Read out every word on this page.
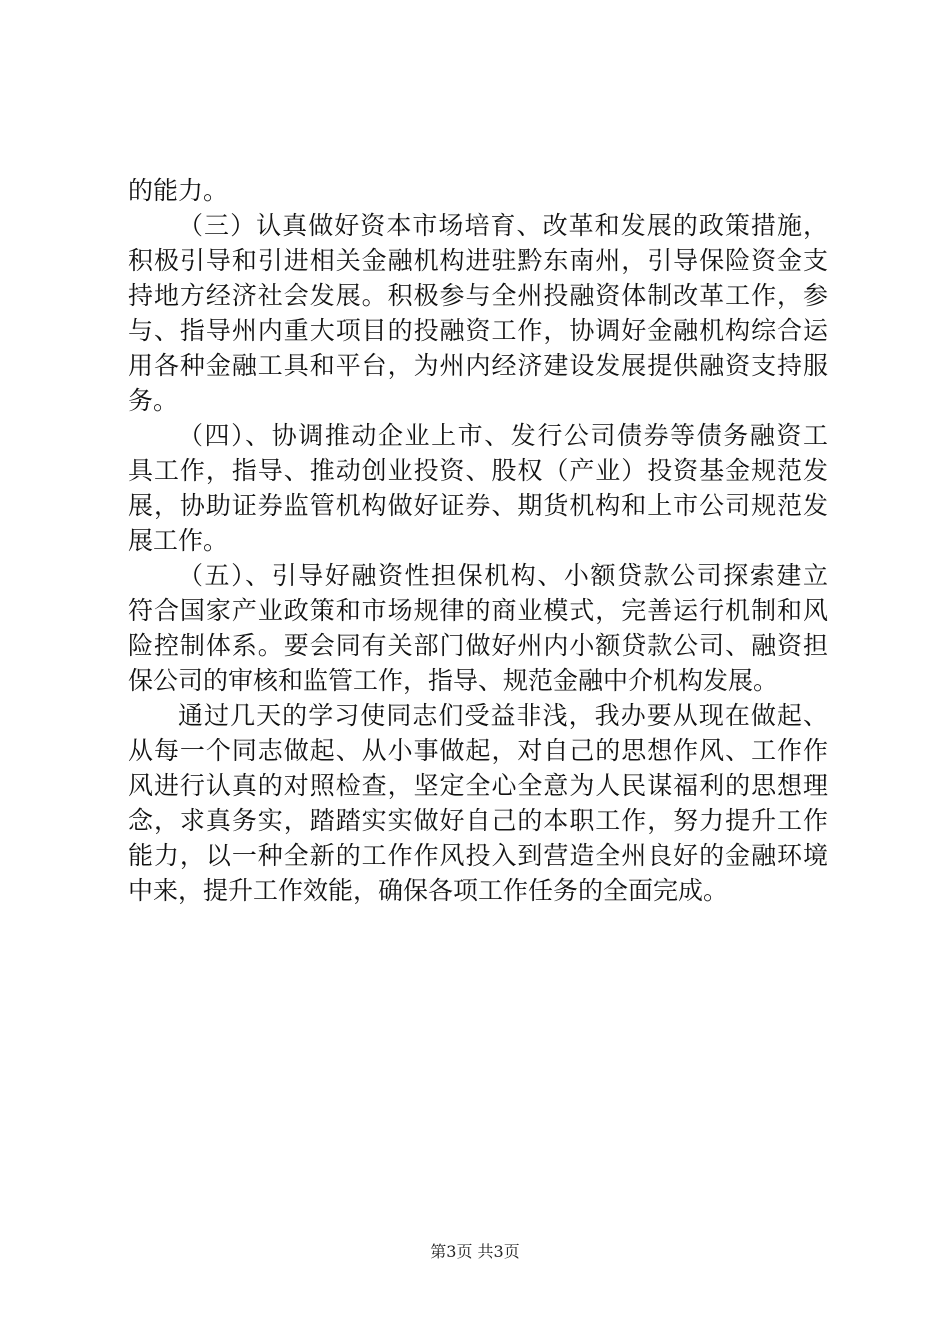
的能力。
（三）认真做好资本市场培育、改革和发展的政策措施，
积极引导和引进相关金融机构进驻黔东南州，引导保险资金支
持地方经济社会发展。积极参与全州投融资体制改革工作，参
与、指导州内重大项目的投融资工作，协调好金融机构综合运
用各种金融工具和平台，为州内经济建设发展提供融资支持服
务。
（四）、协调推动企业上市、发行公司债券等债务融资工
具工作，指导、推动创业投资、股权（产业）投资基金规范发
展，协助证券监管机构做好证券、期货机构和上市公司规范发
展工作。
（五）、引导好融资性担保机构、小额贷款公司探索建立
符合国家产业政策和市场规律的商业模式，完善运行机制和风
险控制体系。要会同有关部门做好州内小额贷款公司、融资担
保公司的审核和监管工作，指导、规范金融中介机构发展。
通过几天的学习使同志们受益非浅，我办要从现在做起、
从每一个同志做起、从小事做起，对自己的思想作风、工作作
风进行认真的对照检查，坚定全心全意为人民谋福利的思想理
念，求真务实，踏踏实实做好自己的本职工作，努力提升工作
能力，以一种全新的工作作风投入到营造全州良好的金融环境
中来，提升工作效能，确保各项工作任务的全面完成。
第3页 共3页
